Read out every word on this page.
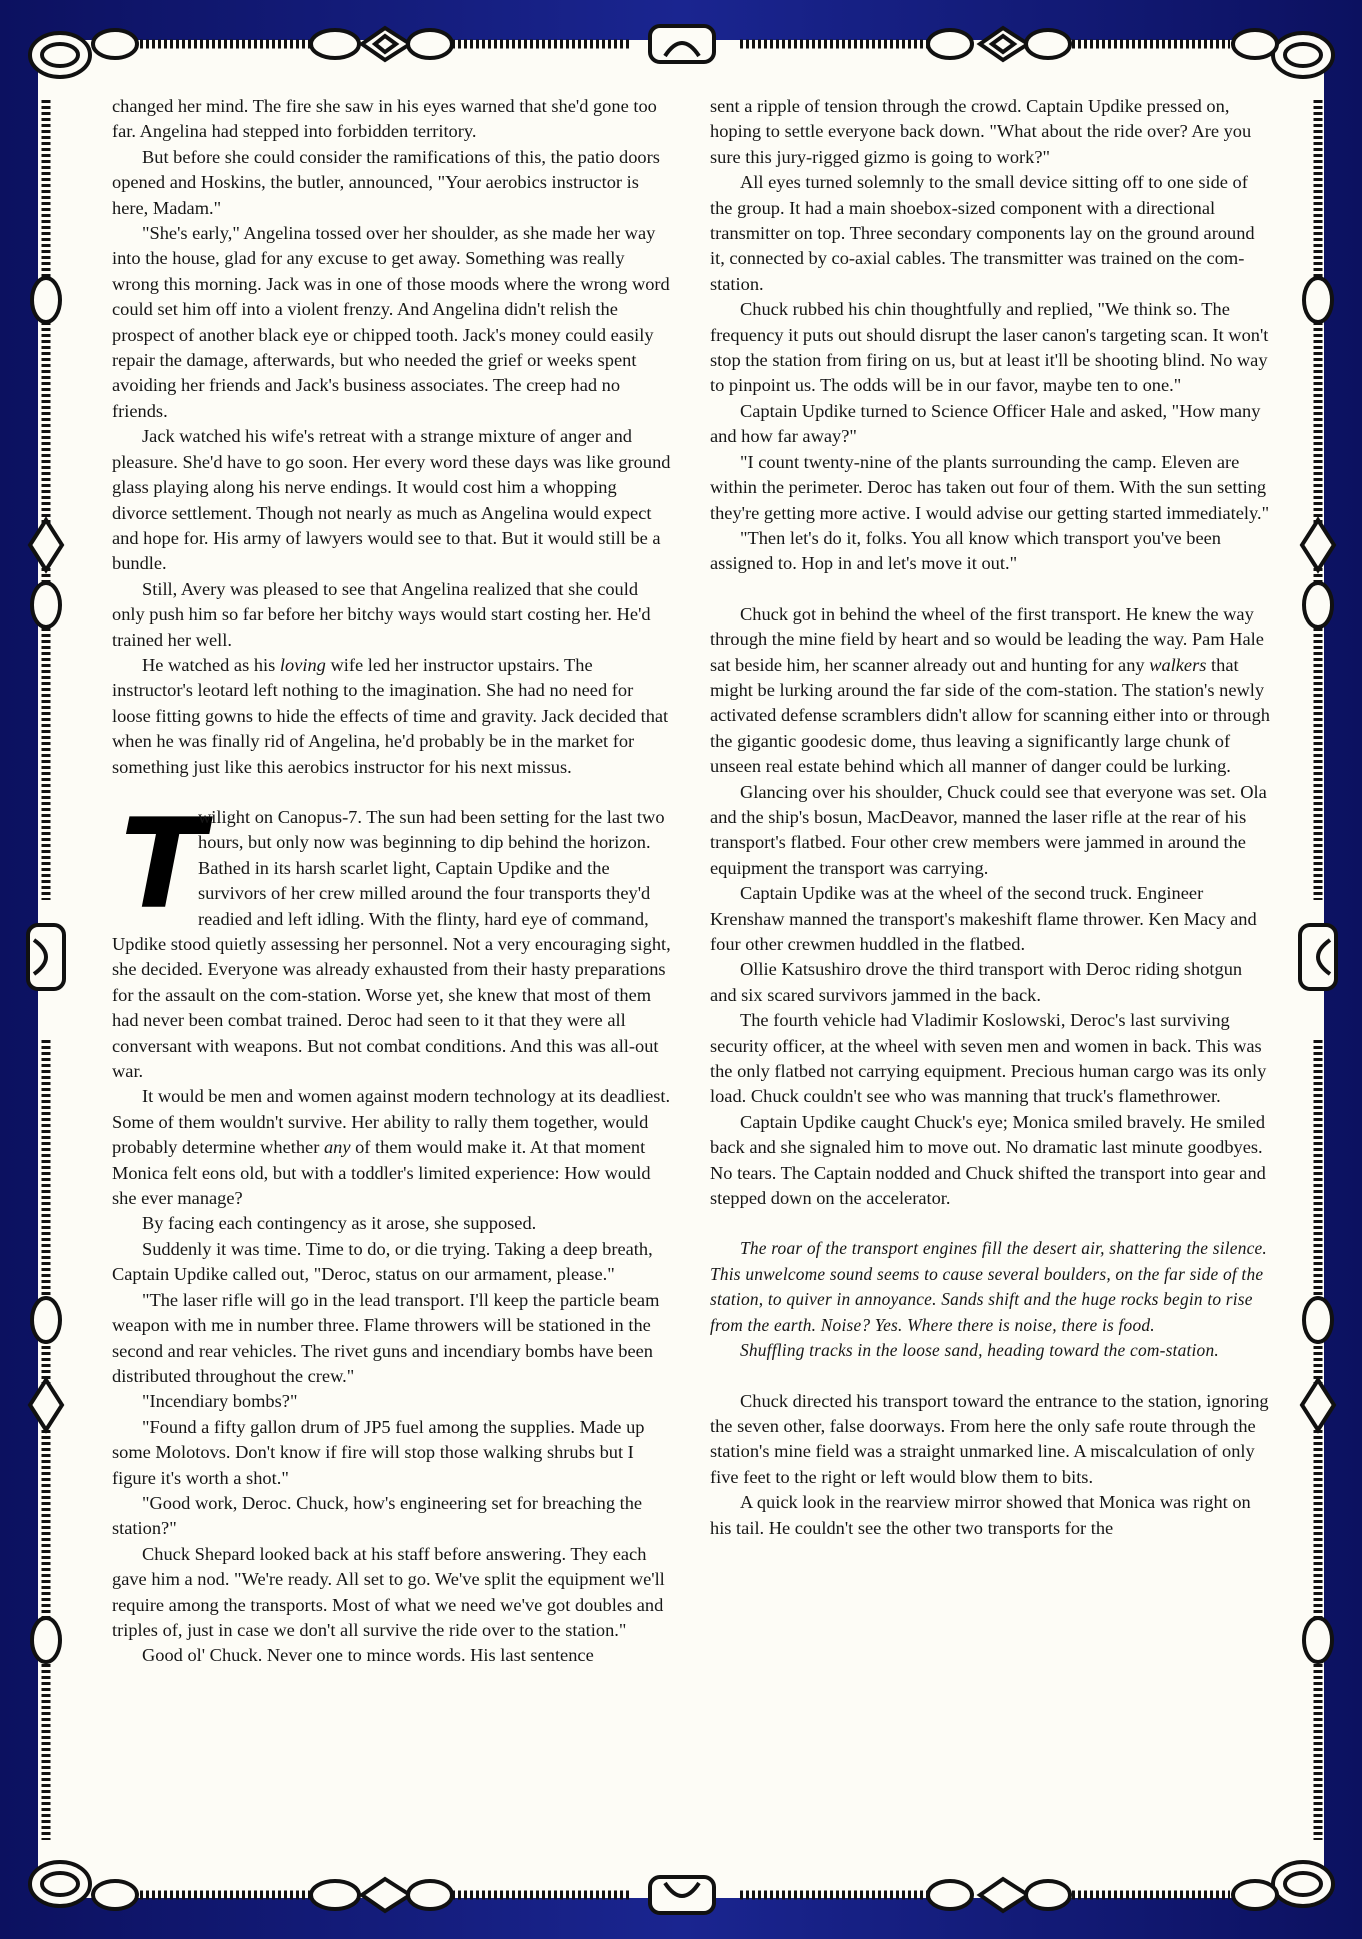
changed her mind. The fire she saw in his eyes warned that she'd gone too far. Angelina had stepped into forbidden territory.

But before she could consider the ramifications of this, the patio doors opened and Hoskins, the butler, announced, "Your aerobics instructor is here, Madam."

"She's early," Angelina tossed over her shoulder, as she made her way into the house, glad for any excuse to get away. Something was really wrong this morning. Jack was in one of those moods where the wrong word could set him off into a violent frenzy. And Angelina didn't relish the prospect of another black eye or chipped tooth. Jack's money could easily repair the damage, afterwards, but who needed the grief or weeks spent avoiding her friends and Jack's business associates. The creep had no friends.

Jack watched his wife's retreat with a strange mixture of anger and pleasure. She'd have to go soon. Her every word these days was like ground glass playing along his nerve endings. It would cost him a whopping divorce settlement. Though not nearly as much as Angelina would expect and hope for. His army of lawyers would see to that. But it would still be a bundle.

Still, Avery was pleased to see that Angelina realized that she could only push him so far before her bitchy ways would start costing her. He'd trained her well.

He watched as his loving wife led her instructor upstairs. The instructor's leotard left nothing to the imagination. She had no need for loose fitting gowns to hide the effects of time and gravity. Jack decided that when he was finally rid of Angelina, he'd probably be in the market for something just like this aerobics instructor for his next missus.

T
wilight on Canopus-7. The sun had been setting for the last two hours, but only now was beginning to dip behind the horizon. Bathed in its harsh scarlet light, Captain Updike and the survivors of her crew milled around the four transports they'd readied and left idling. With the flinty, hard eye of command, Updike stood quietly assessing her personnel. Not a very encouraging sight, she decided. Everyone was already exhausted from their hasty preparations for the assault on the com-station. Worse yet, she knew that most of them had never been combat trained. Deroc had seen to it that they were all conversant with weapons. But not combat conditions. And this was all-out war.

It would be men and women against modern technology at its deadliest. Some of them wouldn't survive. Her ability to rally them together, would probably determine whether any of them would make it. At that moment Monica felt eons old, but with a toddler's limited experience: How would she ever manage?

By facing each contingency as it arose, she supposed.

Suddenly it was time. Time to do, or die trying. Taking a deep breath, Captain Updike called out, "Deroc, status on our armament, please."

"The laser rifle will go in the lead transport. I'll keep the particle beam weapon with me in number three. Flame throwers will be stationed in the second and rear vehicles. The rivet guns and incendiary bombs have been distributed throughout the crew."

"Incendiary bombs?"

"Found a fifty gallon drum of JP5 fuel among the supplies. Made up some Molotovs. Don't know if fire will stop those walking shrubs but I figure it's worth a shot."

"Good work, Deroc. Chuck, how's engineering set for breaching the station?"

Chuck Shepard looked back at his staff before answering. They each gave him a nod. "We're ready. All set to go. We've split the equipment we'll require among the transports. Most of what we need we've got doubles and triples of, just in case we don't all survive the ride over to the station."

Good ol' Chuck. Never one to mince words. His last sentence

sent a ripple of tension through the crowd. Captain Updike pressed on, hoping to settle everyone back down. "What about the ride over? Are you sure this jury-rigged gizmo is going to work?"

All eyes turned solemnly to the small device sitting off to one side of the group. It had a main shoebox-sized component with a directional transmitter on top. Three secondary components lay on the ground around it, connected by co-axial cables. The transmitter was trained on the com-station.

Chuck rubbed his chin thoughtfully and replied, "We think so. The frequency it puts out should disrupt the laser canon's targeting scan. It won't stop the station from firing on us, but at least it'll be shooting blind. No way to pinpoint us. The odds will be in our favor, maybe ten to one."

Captain Updike turned to Science Officer Hale and asked, "How many and how far away?"

"I count twenty-nine of the plants surrounding the camp. Eleven are within the perimeter. Deroc has taken out four of them. With the sun setting they're getting more active. I would advise our getting started immediately."

"Then let's do it, folks. You all know which transport you've been assigned to. Hop in and let's move it out."

Chuck got in behind the wheel of the first transport. He knew the way through the mine field by heart and so would be leading the way. Pam Hale sat beside him, her scanner already out and hunting for any walkers that might be lurking around the far side of the com-station. The station's newly activated defense scramblers didn't allow for scanning either into or through the gigantic goodesic dome, thus leaving a significantly large chunk of unseen real estate behind which all manner of danger could be lurking.

Glancing over his shoulder, Chuck could see that everyone was set. Ola and the ship's bosun, MacDeavor, manned the laser rifle at the rear of his transport's flatbed. Four other crew members were jammed in around the equipment the transport was carrying.

Captain Updike was at the wheel of the second truck. Engineer Krenshaw manned the transport's makeshift flame thrower. Ken Macy and four other crewmen huddled in the flatbed.

Ollie Katsushiro drove the third transport with Deroc riding shotgun and six scared survivors jammed in the back.

The fourth vehicle had Vladimir Koslowski, Deroc's last surviving security officer, at the wheel with seven men and women in back. This was the only flatbed not carrying equipment. Precious human cargo was its only load. Chuck couldn't see who was manning that truck's flamethrower.

Captain Updike caught Chuck's eye; Monica smiled bravely. He smiled back and she signaled him to move out. No dramatic last minute goodbyes. No tears. The Captain nodded and Chuck shifted the transport into gear and stepped down on the accelerator.

The roar of the transport engines fill the desert air, shattering the silence. This unwelcome sound seems to cause several boulders, on the far side of the station, to quiver in annoyance. Sands shift and the huge rocks begin to rise from the earth. Noise? Yes. Where there is noise, there is food.

Shuffling tracks in the loose sand, heading toward the com-station.

Chuck directed his transport toward the entrance to the station, ignoring the seven other, false doorways. From here the only safe route through the station's mine field was a straight unmarked line. A miscalculation of only five feet to the right or left would blow them to bits.

A quick look in the rearview mirror showed that Monica was right on his tail. He couldn't see the other two transports for the
